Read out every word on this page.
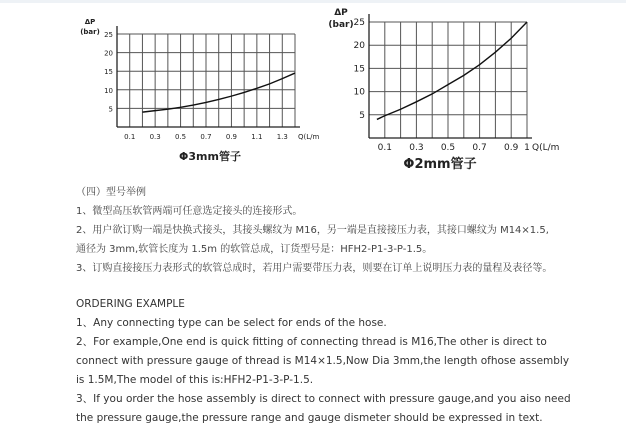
5
10
15
20
25
0.1 0.3 0.5 0.7 0.9 1.1 1.3 Q(L/m
ΔP
(bar)
Φ3mm管子
5
10
15
20
25
0.1 0.3 0.5 0.7 0.9 1 Q(L/m
ΔP
(bar)
Φ2mm管子
（四）型号举例
1、微型高压软管两端可任意选定接头的连接形式。
2、用户欲订购一端是快换式接头，其接头螺纹为 M16，另一端是直接接压力表，其接口螺纹为 M14×1.5,
通径为 3mm,软管长度为 1.5m 的软管总成，订货型号是：HFH2-P1-3-P-1.5。
3、订购直接接压力表形式的软管总成时，若用户需要带压力表，则要在订单上说明压力表的量程及表径等。
ORDERING EXAMPLE
1、Any connecting type can be select for ends of the hose.
2、For example,One end is quick fitting of connecting thread is M16,The other is direct to
connect with pressure gauge of thread is M14×1.5,Now Dia 3mm,the length ofhose assembly
is 1.5M,The model of this is:HFH2-P1-3-P-1.5.
3、If you order the hose assembly is direct to connect with pressure gauge,and you aiso need
the pressure gauge,the pressure range and gauge dismeter should be expressed in text.
